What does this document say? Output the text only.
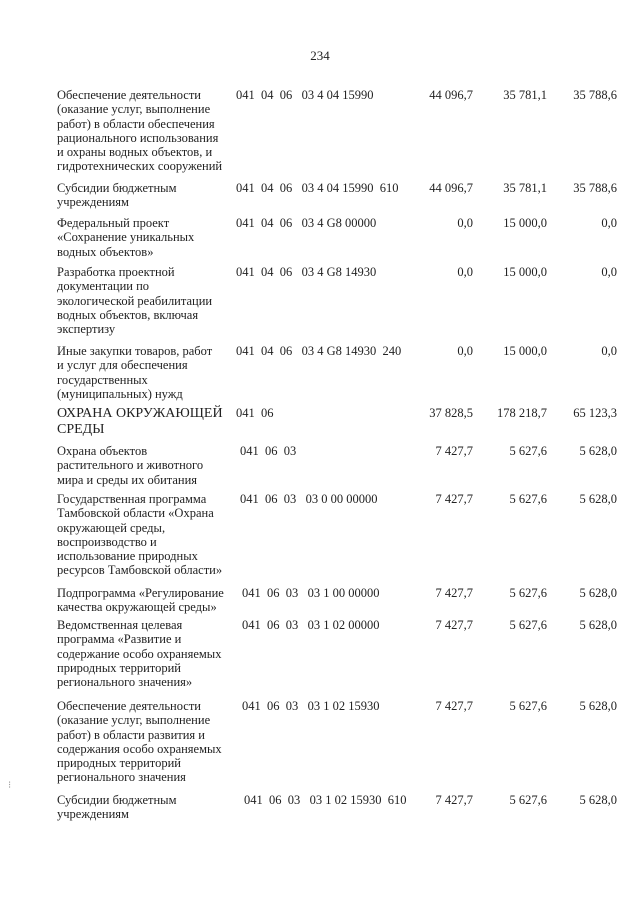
234
Обеспечение деятельности
(оказание услуг, выполнение
работ) в области обеспечения
рационального использования
и охраны водных объектов, и
гидротехнических сооружений
041  04  06   03 4 04 15990	44 096,7	35 781,1	35 788,6
Субсидии бюджетным
учреждениям
041  04  06   03 4 04 15990  610	44 096,7	35 781,1	35 788,6
Федеральный проект
«Сохранение уникальных
водных объектов»
041  04  06   03 4 G8 00000	0,0	15 000,0	0,0
Разработка проектной
документации по
экологической реабилитации
водных объектов, включая
экспертизу
041  04  06   03 4 G8 14930	0,0	15 000,0	0,0
Иные закупки товаров, работ
и услуг для обеспечения
государственных
(муниципальных) нужд
041  04  06   03 4 G8 14930  240	0,0	15 000,0	0,0
ОХРАНА ОКРУЖАЮЩЕЙ
СРЕДЫ
041  06	37 828,5	178 218,7	65 123,3
Охрана объектов
растительного и животного
мира и среды их обитания
041  06  03	7 427,7	5 627,6	5 628,0
Государственная программа
Тамбовской области «Охрана
окружающей среды,
воспроизводство и
использование природных
ресурсов Тамбовской области»
041  06  03   03 0 00 00000	7 427,7	5 627,6	5 628,0
Подпрограмма «Регулирование
качества окружающей среды»
041  06  03   03 1 00 00000	7 427,7	5 627,6	5 628,0
Ведомственная целевая
программа «Развитие и
содержание особо охраняемых
природных территорий
регионального значения»
041  06  03   03 1 02 00000	7 427,7	5 627,6	5 628,0
Обеспечение деятельности
(оказание услуг, выполнение
работ) в области развития и
содержания особо охраняемых
природных территорий
регионального значения
041  06  03   03 1 02 15930	7 427,7	5 627,6	5 628,0
Субсидии бюджетным
учреждениям
041  06  03   03 1 02 15930  610	7 427,7	5 627,6	5 628,0
⁝
